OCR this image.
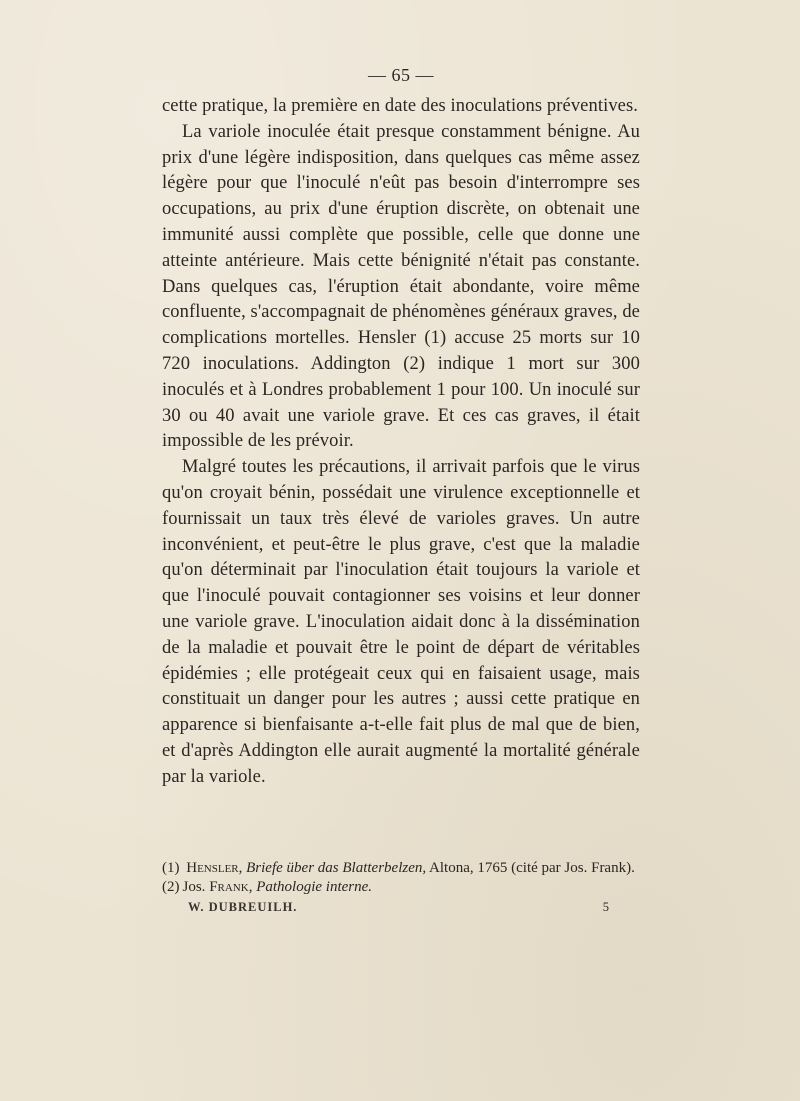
— 65 —

cette pratique, la première en date des inoculations préventives.

La variole inoculée était presque constamment bénigne. Au prix d'une légère indisposition, dans quelques cas même assez légère pour que l'inoculé n'eût pas besoin d'interrompre ses occupations, au prix d'une éruption discrète, on obtenait une immunité aussi complète que possible, celle que donne une atteinte antérieure. Mais cette bénignité n'était pas constante. Dans quelques cas, l'éruption était abondante, voire même confluente, s'accompagnait de phénomènes généraux graves, de complications mortelles. Hensler (1) accuse 25 morts sur 10 720 inoculations. Addington (2) indique 1 mort sur 300 inoculés et à Londres probablement 1 pour 100. Un inoculé sur 30 ou 40 avait une variole grave. Et ces cas graves, il était impossible de les prévoir.

Malgré toutes les précautions, il arrivait parfois que le virus qu'on croyait bénin, possédait une virulence exceptionnelle et fournissait un taux très élevé de varioles graves. Un autre inconvénient, et peut-être le plus grave, c'est que la maladie qu'on déterminait par l'inoculation était toujours la variole et que l'inoculé pouvait contagionner ses voisins et leur donner une variole grave. L'inoculation aidait donc à la dissémination de la maladie et pouvait être le point de départ de véritables épidémies ; elle protégeait ceux qui en faisaient usage, mais constituait un danger pour les autres ; aussi cette pratique en apparence si bienfaisante a-t-elle fait plus de mal que de bien, et d'après Addington elle aurait augmenté la mortalité générale par la variole.

(1) Hensler, Briefe über das Blatterbelzen, Altona, 1765 (cité par Jos. Frank).

(2) Jos. Frank, Pathologie interne.

W. DUBREUILH.	5
